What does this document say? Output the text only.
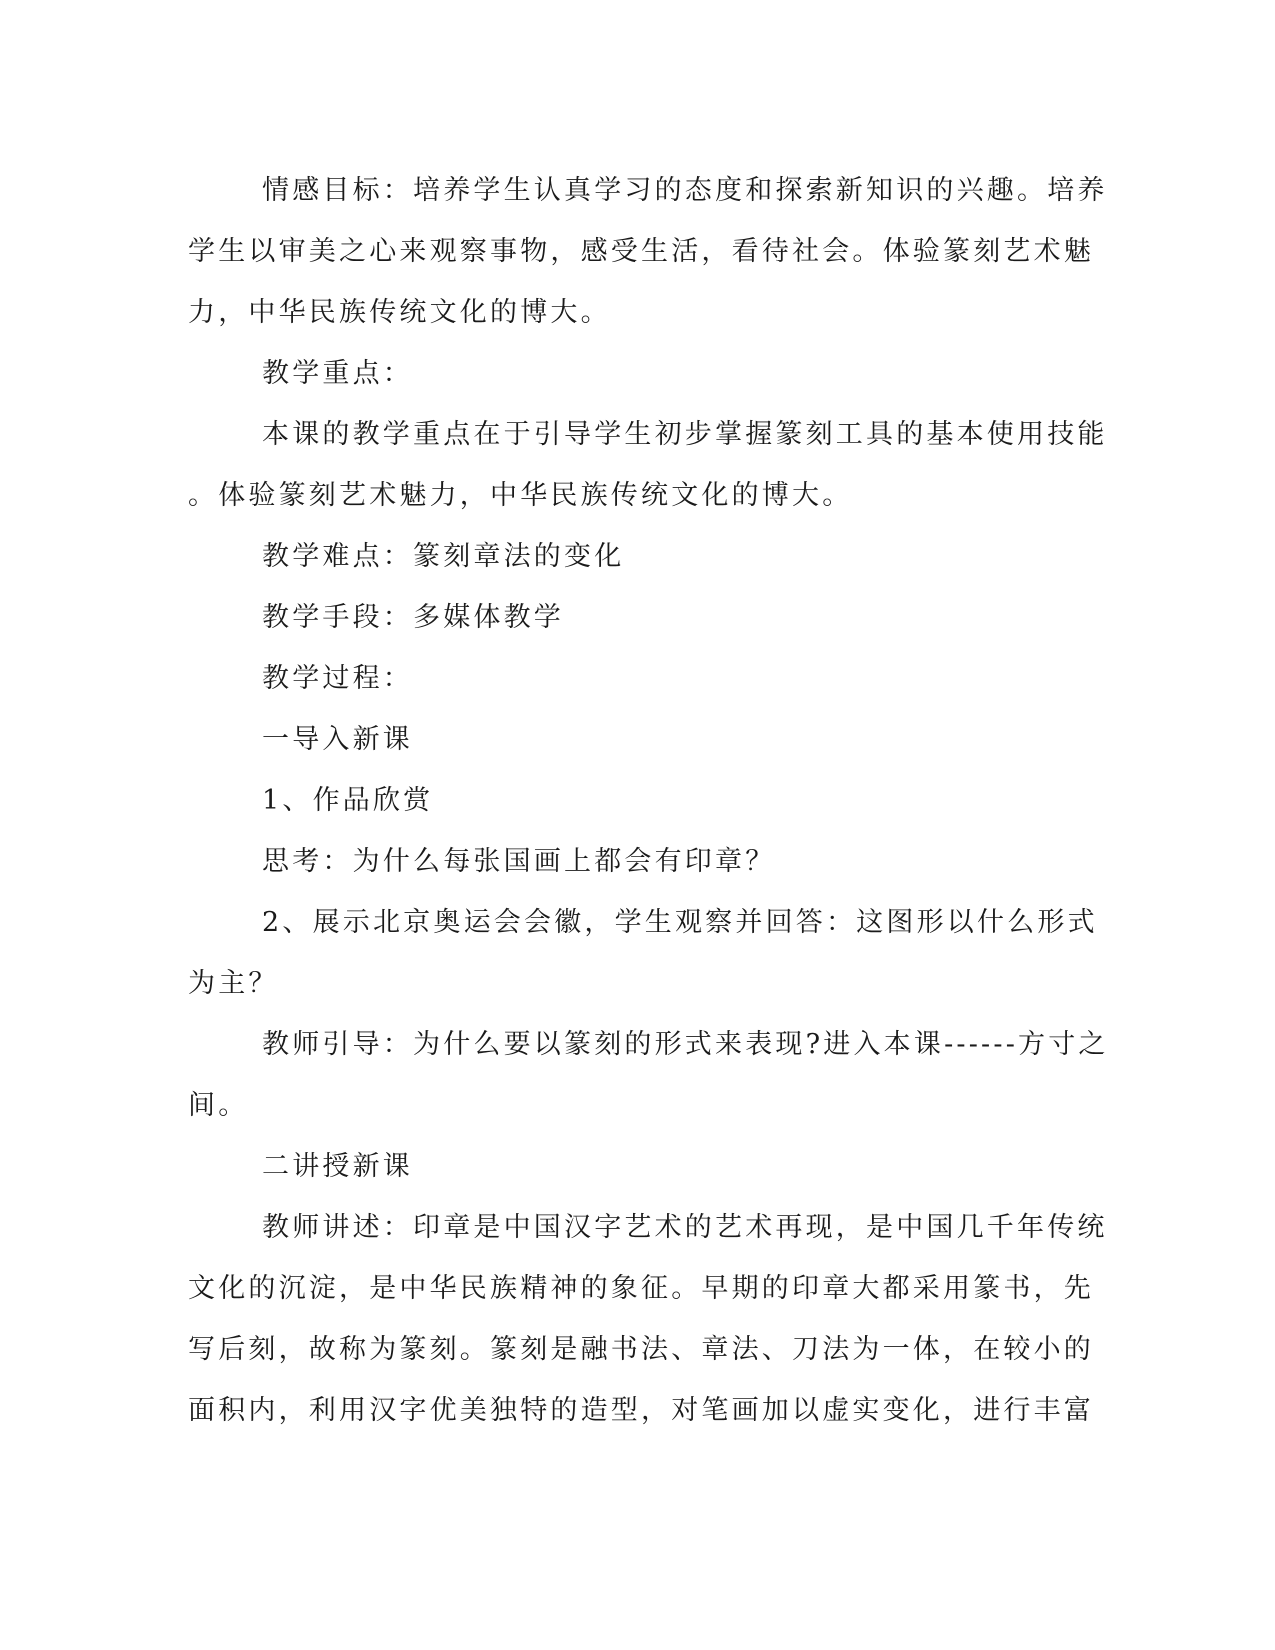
情感目标：培养学生认真学习的态度和探索新知识的兴趣。培养
学生以审美之心来观察事物，感受生活，看待社会。体验篆刻艺术魅
力，中华民族传统文化的博大。
教学重点：
本课的教学重点在于引导学生初步掌握篆刻工具的基本使用技能
。体验篆刻艺术魅力，中华民族传统文化的博大。
教学难点：篆刻章法的变化
教学手段：多媒体教学
教学过程：
一导入新课
1、作品欣赏
思考：为什么每张国画上都会有印章？
2、展示北京奥运会会徽，学生观察并回答：这图形以什么形式
为主？
教师引导：为什么要以篆刻的形式来表现?进入本课------方寸之
间。
二讲授新课
教师讲述：印章是中国汉字艺术的艺术再现，是中国几千年传统
文化的沉淀，是中华民族精神的象征。早期的印章大都采用篆书，先
写后刻，故称为篆刻。篆刻是融书法、章法、刀法为一体，在较小的
面积内，利用汉字优美独特的造型，对笔画加以虚实变化，进行丰富
